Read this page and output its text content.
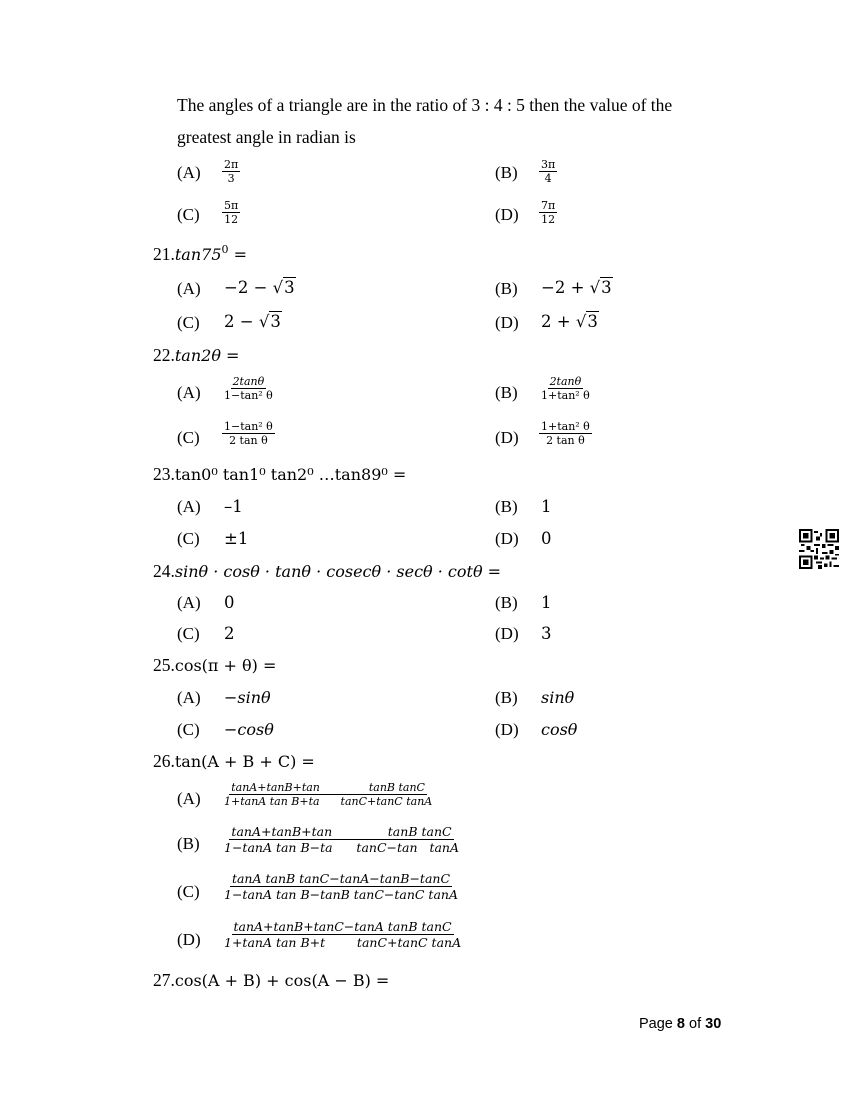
The angles of a triangle are in the ratio of 3 : 4 : 5 then the value of the
greatest angle in radian is
$(A) \frac{2\pi}{3}$	$(B) \frac{3\pi}{4}$
$(C) \frac{5\pi}{12}$	$(D) \frac{7\pi}{12}$
$21.\tan 75^0$ =
(A) −2 − √3	(B) −2 + √3
(C) 2 − √3	(D) 2 + √3
22.tan2θ =
$(A) \frac{2\tan\theta}{\text{1−tan² θ}}$	$(B) \frac{2\tan\theta}{\text{1+tan² θ}}$
$(C) \frac{\text{1−tan² θ}}{\text{2 tan θ}}$	$(D) \frac{\text{1+tan² θ}}{\text{2 tan θ}}$
23.tan0⁰ tan1⁰ tan2⁰ …tan89⁰ =
(A) –1	(B) 1
(C) ±1	(D) 0
24.sinθ · cosθ · tanθ · cosecθ · secθ · cotθ =
(A) 0	(B) 1
(C) 2	(D) 3
25.cos(π + θ) =
(A) −sinθ	(B) sinθ
(C) −cosθ	(D) cosθ
26.tan(A + B + C) =
$(A) \frac{\text{tanA+tanB+tan              tanB tanC}}{\text{1+tanA tan B+ta      tanC+tanC tanA}}$
$(B) \frac{\text{tanA+tanB+tan              tanB tanC}}{\text{1−tanA tan B−ta      tanC−tan   tanA}}$
$(C) \frac{\text{tanA tanB tanC−tanA−tanB−tanC}}{\text{1−tanA tan B−tanB tanC−tanC tanA}}$
$(D) \frac{\text{tanA+tanB+tanC−tanA tanB tanC}}{\text{1+tanA tan B+t        tanC+tanC tanA}}$
27.cos(A + B) + cos(A − B) =
Page 8 of 30
